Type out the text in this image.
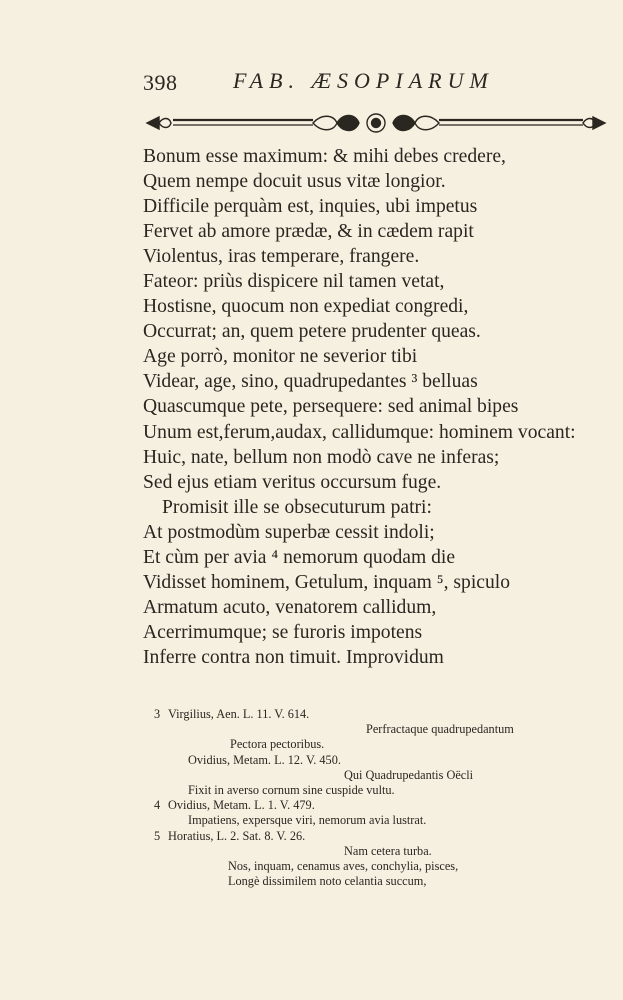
398	FAB. ÆSOPIARUM
Bonum esse maximum: & mihi debes credere,
Quem nempe docuit usus vitæ longior.
Difficile perquàm est, inquies, ubi impetus
Fervet ab amore prædæ, & in cædem rapit
Violentus, iras temperare, frangere.
Fateor: priùs dispicere nil tamen vetat,
Hostisne, quocum non expediat congredi,
Occurrat; an, quem petere prudenter queas.
Age porrò, monitor ne severior tibi
Videar, age, sino, quadrupedantes ³ belluas
Quascumque pete, persequere: sed animal bipes
Unum est,ferum,audax, callidumque: hominem vocant:
Huic, nate, bellum non modò cave ne inferas;
Sed ejus etiam veritus occursum fuge.
Promisit ille se obsecuturum patri:
At postmodùm superbæ cessit indoli;
Et cùm per avia ⁴ nemorum quodam die
Vidisset hominem, Getulum, inquam ⁵, spiculo
Armatum acuto, venatorem callidum,
Acerrimumque; se furoris impotens
Inferre contra non timuit. Improvidum
3 Virgilius, Aen. L. 11. V. 614.
Perfractaque quadrupedantum
Pectora pectoribus.
Ovidius, Metam. L. 12. V. 450.
Qui Quadrupedantis Oëcli
Fixit in averso cornum sine cuspide vultu.
4 Ovidius, Metam. L. 1. V. 479.
Impatiens, expersque viri, nemorum avia lustrat.
5 Horatius, L. 2. Sat. 8. V. 26.
Nam cetera turba.
Nos, inquam, cenamus aves, conchylia, pisces,
Longè dissimilem noto celantia succum,
